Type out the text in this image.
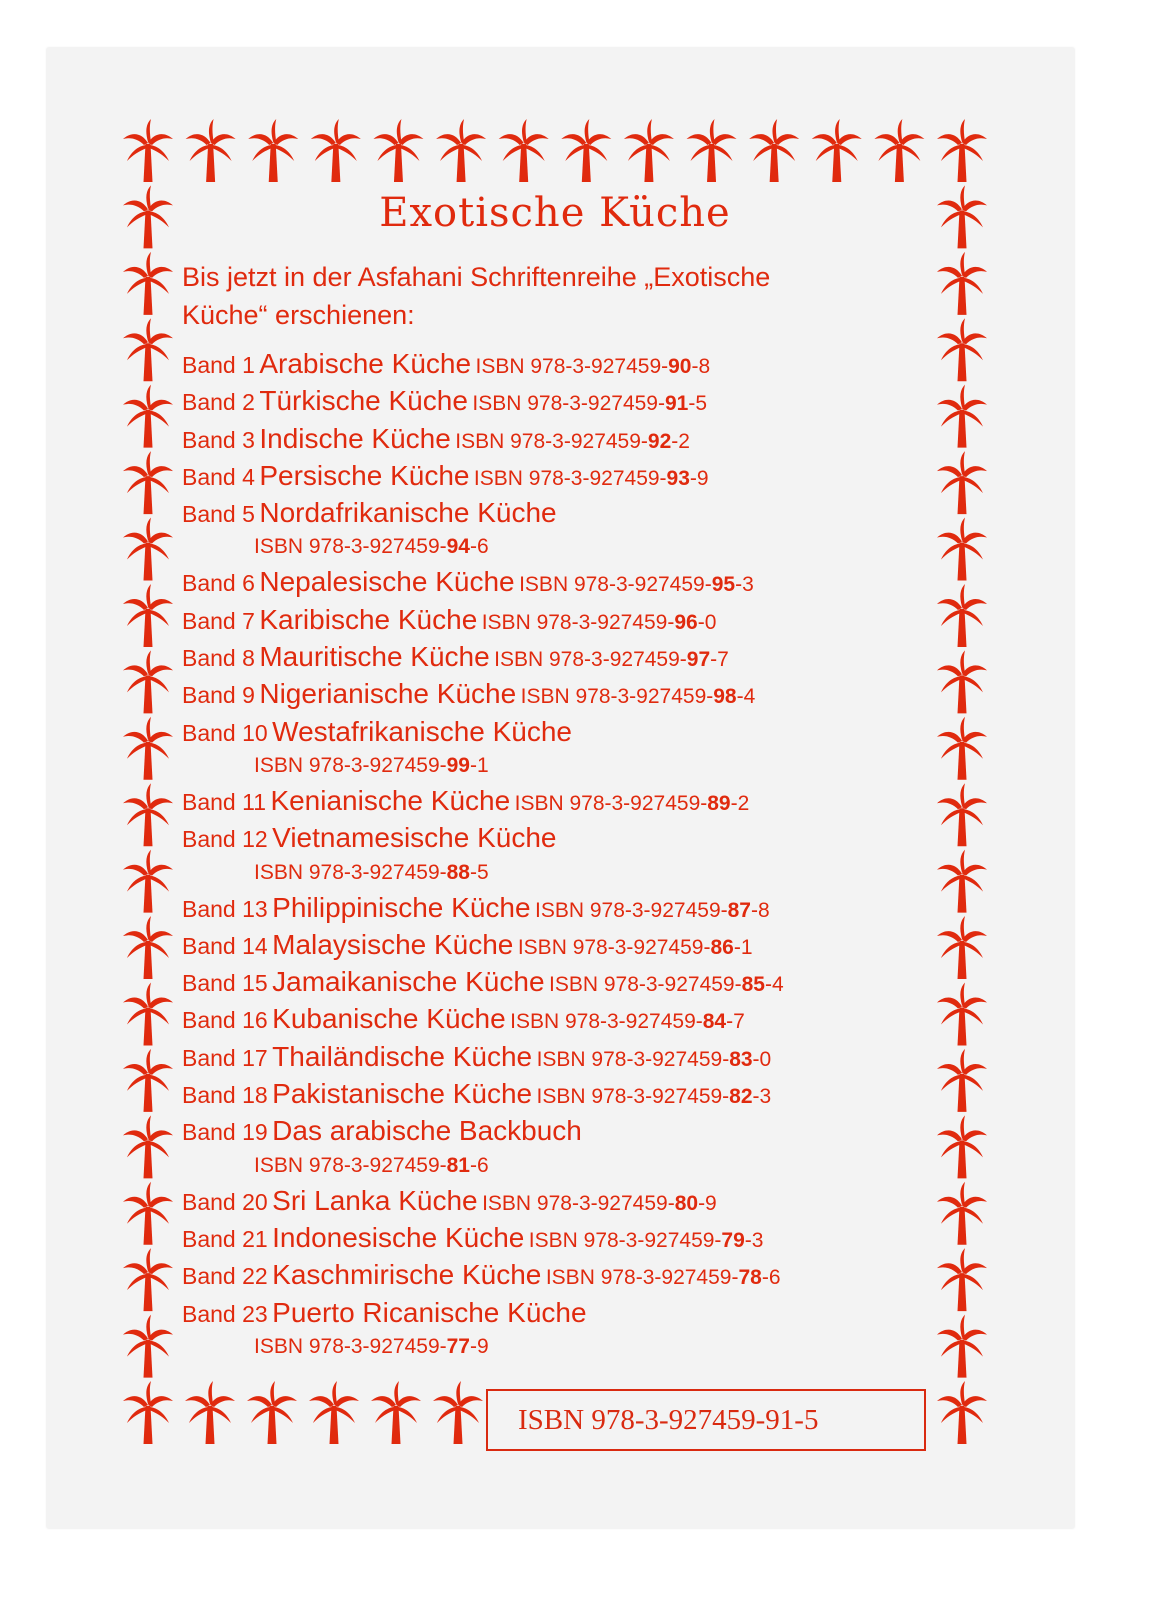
Exotische Küche
Bis jetzt in der Asfahani Schriftenreihe „Exotische
Küche“ erschienen:
Band 1 Arabische Küche ISBN 978-3-927459-90-8
Band 2 Türkische Küche ISBN 978-3-927459-91-5
Band 3 Indische Küche ISBN 978-3-927459-92-2
Band 4 Persische Küche ISBN 978-3-927459-93-9
Band 5 Nordafrikanische Küche
ISBN 978-3-927459-94-6
Band 6 Nepalesische Küche ISBN 978-3-927459-95-3
Band 7 Karibische Küche ISBN 978-3-927459-96-0
Band 8 Mauritische Küche ISBN 978-3-927459-97-7
Band 9 Nigerianische Küche ISBN 978-3-927459-98-4
Band 10 Westafrikanische Küche
ISBN 978-3-927459-99-1
Band 11 Kenianische Küche ISBN 978-3-927459-89-2
Band 12 Vietnamesische Küche
ISBN 978-3-927459-88-5
Band 13 Philippinische Küche ISBN 978-3-927459-87-8
Band 14 Malaysische Küche ISBN 978-3-927459-86-1
Band 15 Jamaikanische Küche ISBN 978-3-927459-85-4
Band 16 Kubanische Küche ISBN 978-3-927459-84-7
Band 17 Thailändische Küche ISBN 978-3-927459-83-0
Band 18 Pakistanische Küche ISBN 978-3-927459-82-3
Band 19 Das arabische Backbuch
ISBN 978-3-927459-81-6
Band 20 Sri Lanka Küche ISBN 978-3-927459-80-9
Band 21 Indonesische Küche ISBN 978-3-927459-79-3
Band 22 Kaschmirische Küche ISBN 978-3-927459-78-6
Band 23 Puerto Ricanische Küche
ISBN 978-3-927459-77-9
ISBN 978-3-927459-91-5
